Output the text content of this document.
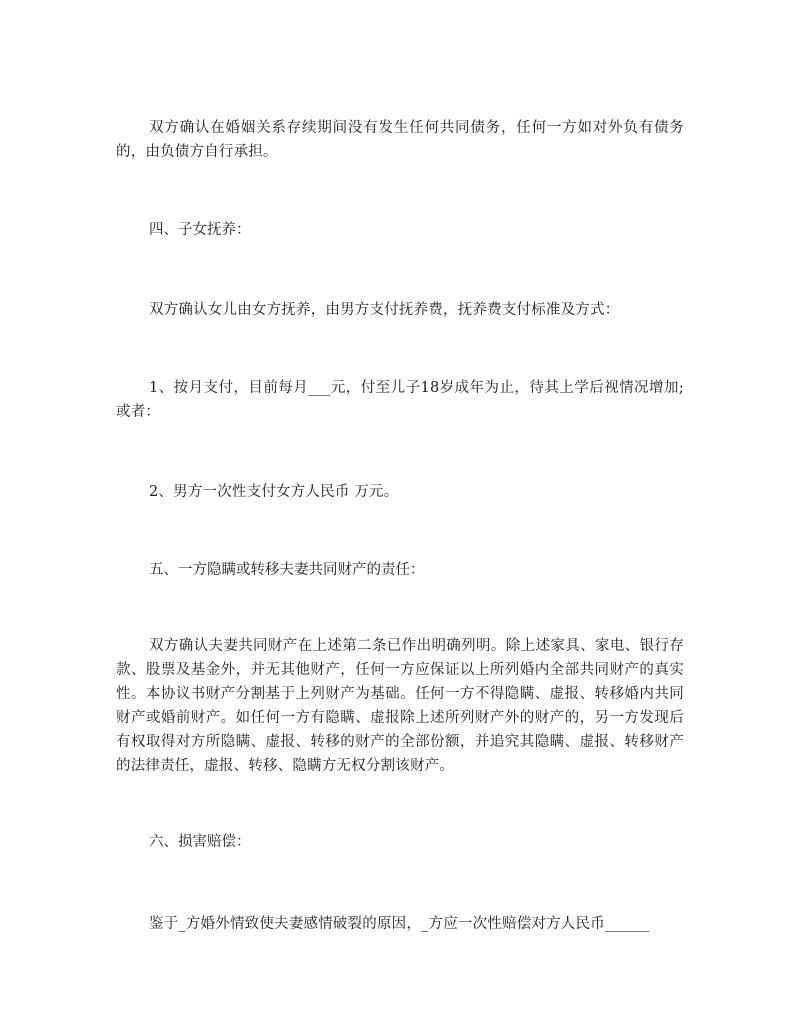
双方确认在婚姻关系存续期间没有发生任何共同债务，任何一方如对外负有债务的，由负债方自行承担。

四、子女抚养：

双方确认女儿由女方抚养，由男方支付抚养费，抚养费支付标准及方式：

1、按月支付，目前每月___元，付至儿子18岁成年为止，待其上学后视情况增加;或者：

2、男方一次性支付女方人民币 万元。

五、一方隐瞒或转移夫妻共同财产的责任：

双方确认夫妻共同财产在上述第二条已作出明确列明。除上述家具、家电、银行存款、股票及基金外，并无其他财产，任何一方应保证以上所列婚内全部共同财产的真实性。本协议书财产分割基于上列财产为基础。任何一方不得隐瞒、虚报、转移婚内共同财产或婚前财产。如任何一方有隐瞒、虚报除上述所列财产外的财产的，另一方发现后有权取得对方所隐瞒、虚报、转移的财产的全部份额，并追究其隐瞒、虚报、转移财产的法律责任，虚报、转移、隐瞒方无权分割该财产。

六、损害赔偿：

鉴于_方婚外情致使夫妻感情破裂的原因，_方应一次性赔偿对方人民币______
